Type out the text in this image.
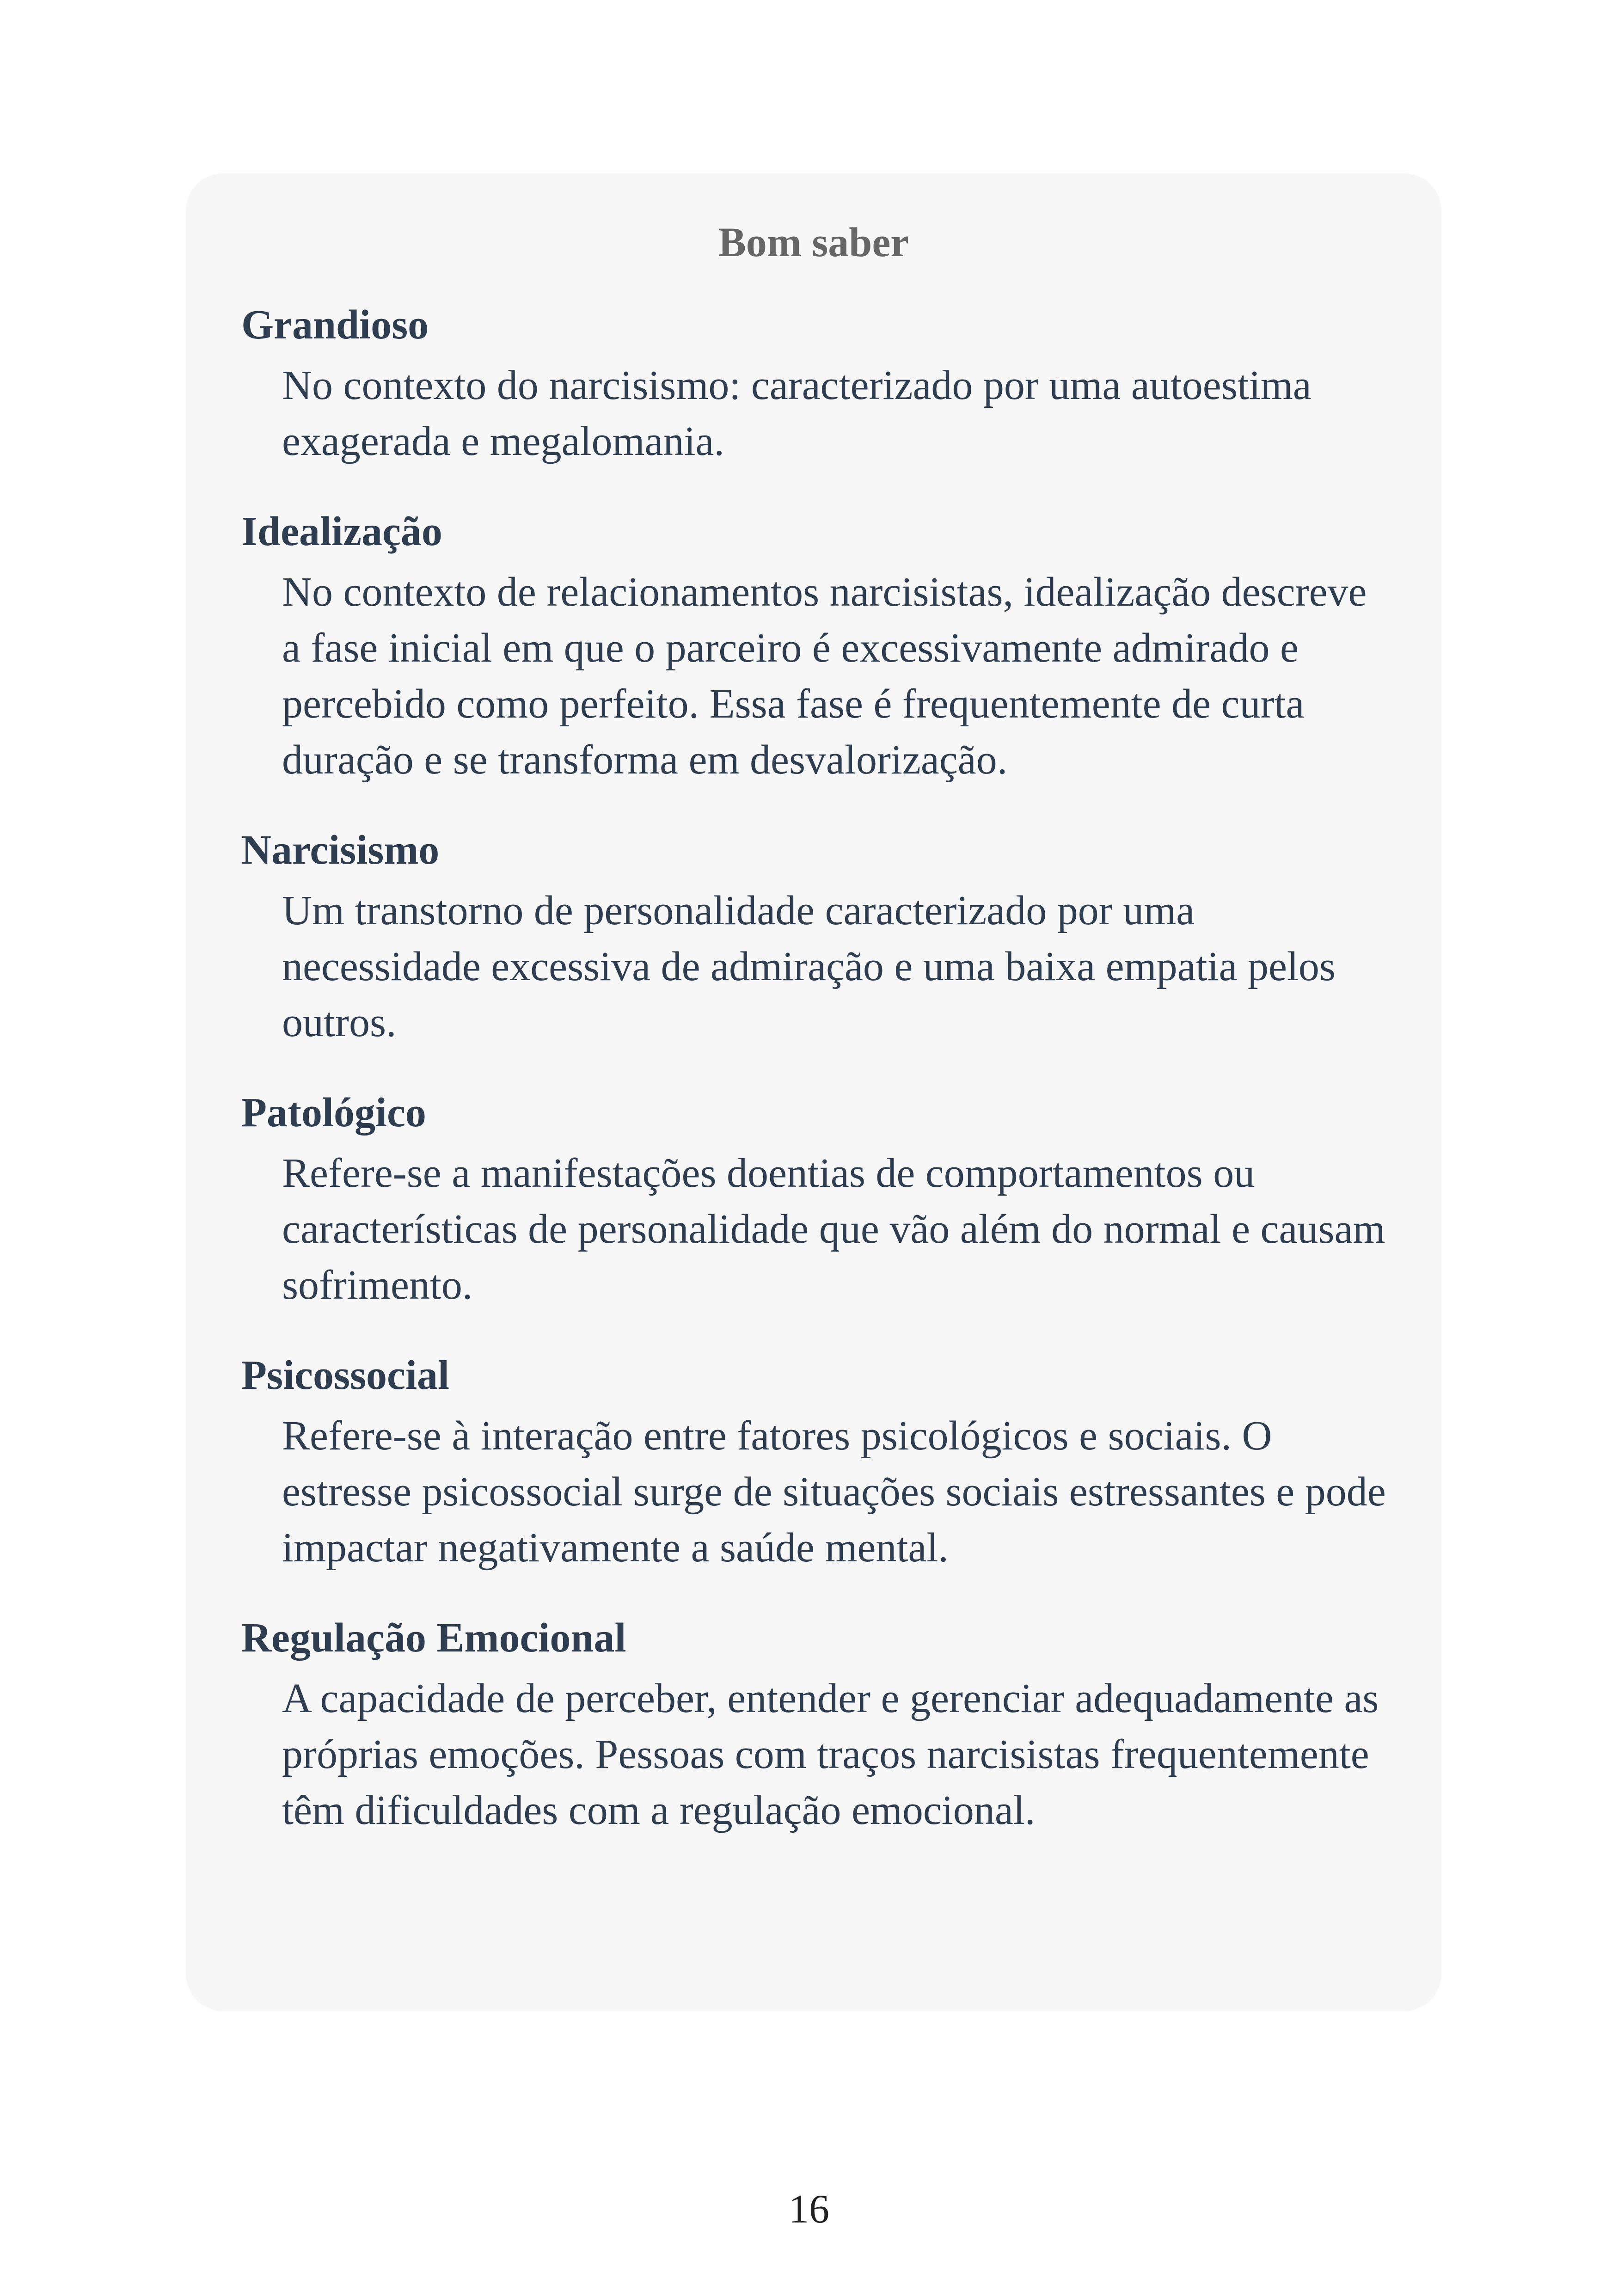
Bom saber
Grandioso

No contexto do narcisismo: caracterizado por uma autoestima exagerada e megalomania.

Idealização

No contexto de relacionamentos narcisistas, idealização descreve a fase inicial em que o parceiro é excessivamente admirado e percebido como perfeito. Essa fase é frequentemente de curta duração e se transforma em desvalorização.

Narcisismo

Um transtorno de personalidade caracterizado por uma necessidade excessiva de admiração e uma baixa empatia pelos outros.

Patológico

Refere-se a manifestações doentias de comportamentos ou características de personalidade que vão além do normal e causam sofrimento.

Psicossocial

Refere-se à interação entre fatores psicológicos e sociais. O estresse psicossocial surge de situações sociais estressantes e pode impactar negativamente a saúde mental.

Regulação Emocional

A capacidade de perceber, entender e gerenciar adequadamente as próprias emoções. Pessoas com traços narcisistas frequentemente têm dificuldades com a regulação emocional.

16
